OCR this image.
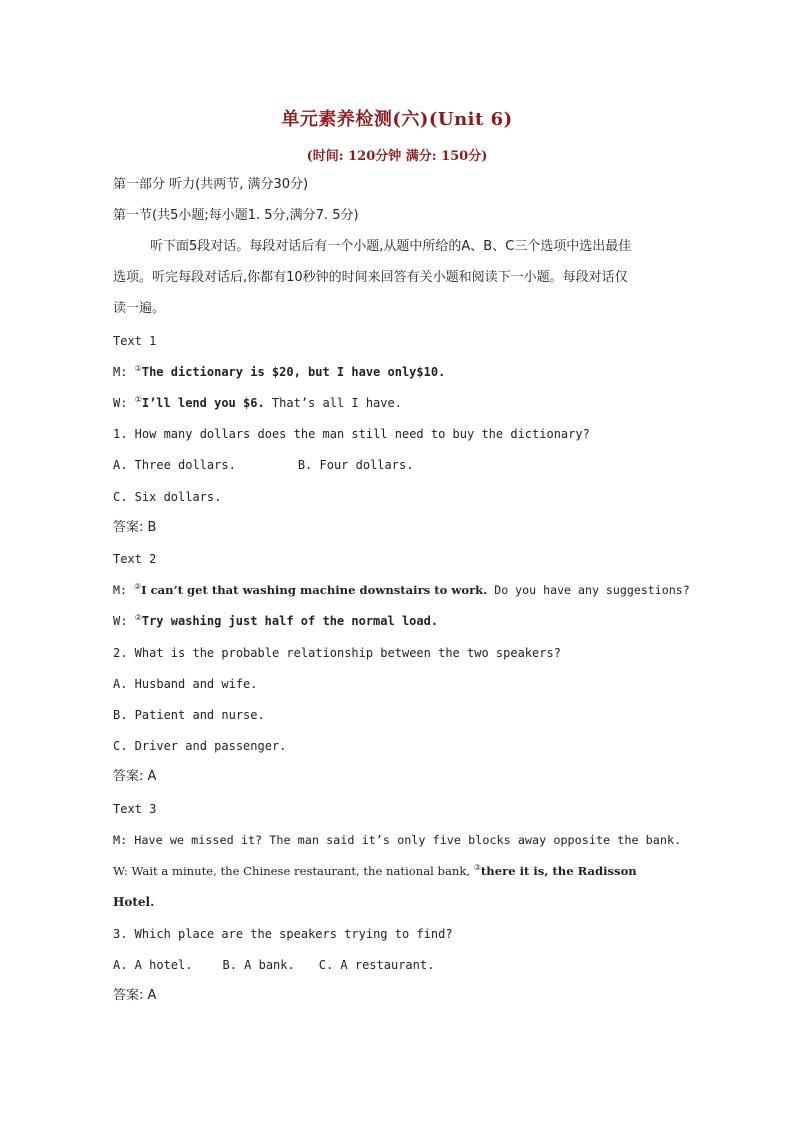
单元素养检测(六)(Unit 6)
(时间: 120分钟 满分: 150分)
第一部分 听力(共两节, 满分30分)
第一节(共5小题;每小题1. 5分,满分7. 5分)
听下面5段对话。每段对话后有一个小题,从题中所给的A、B、C三个选项中选出最佳
选项。听完每段对话后,你都有10秒钟的时间来回答有关小题和阅读下一小题。每段对话仅
读一遍。
Text 1
M: ①The dictionary is $20, but I have only$10.
W: ①I’ll lend you $6. That’s all I have.
1. How many dollars does the man still need to buy the dictionary?
A. Three dollars.	B. Four dollars.
C. Six dollars.
答案: B
Text 2
M: ②I can’t get that washing machine downstairs to work. Do you have any suggestions?
W: ②Try washing just half of the normal load.
2. What is the probable relationship between the two speakers?
A. Husband and wife.
B. Patient and nurse.
C. Driver and passenger.
答案: A
Text 3
M: Have we missed it? The man said it’s only five blocks away opposite the bank.
W: Wait a minute, the Chinese restaurant, the national bank, ③there it is, the Radisson
Hotel.
3. Which place are the speakers trying to find?
A. A hotel.	B. A bank. C. A restaurant.
答案: A
